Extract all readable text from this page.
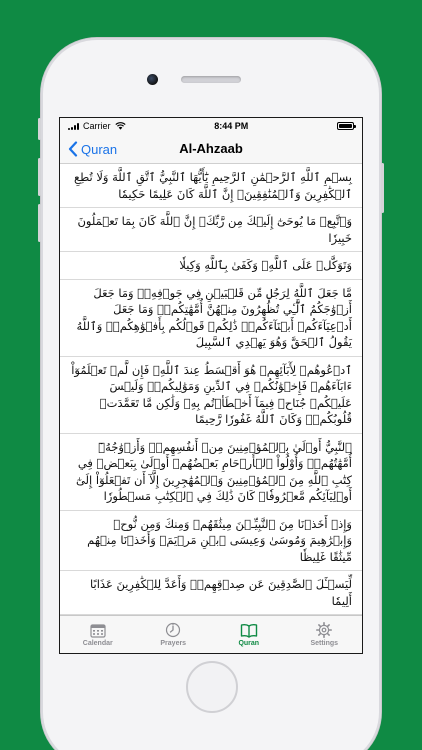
Carrier	8:44 PM
Quran	Al-Ahzaab
بِسۡمِ ٱللَّهِ ٱلرَّحۡمَٰنِ ٱلرَّحِيمِ يَٰٓأَيُّهَا ٱلنَّبِيُّ ٱتَّقِ ٱللَّهَ وَلَا تُطِعِ ٱلۡكَٰفِرِينَ وَٱلۡمُنَٰفِقِينَۚ إِنَّ ٱللَّهَ كَانَ عَلِيمًا حَكِيمٗا
وَٱتَّبِعۡ مَا يُوحَىٰٓ إِلَيۡكَ مِن رَّبِّكَۚ إِنَّ ٱللَّهَ كَانَ بِمَا تَعۡمَلُونَ خَبِيرٗا
وَتَوَكَّلۡ عَلَى ٱللَّهِۚ وَكَفَىٰ بِٱللَّهِ وَكِيلٗا
مَّا جَعَلَ ٱللَّهُ لِرَجُلٖ مِّن قَلۡبَيۡنِ فِي جَوۡفِهِۦۚ وَمَا جَعَلَ أَزۡوَٰجَكُمُ ٱلَّٰٓـِٔي تُظَٰهِرُونَ مِنۡهُنَّ أُمَّهَٰتِكُمۡۚ وَمَا جَعَلَ أَدۡعِيَآءَكُمۡ أَبۡنَآءَكُمۡۚ ذَٰلِكُمۡ قَوۡلُكُم بِأَفۡوَٰهِكُمۡۖ وَٱللَّهُ يَقُولُ ٱلۡحَقَّ وَهُوَ يَهۡدِي ٱلسَّبِيلَ
ٱدۡعُوهُمۡ لِأٓبَآئِهِمۡ هُوَ أَقۡسَطُ عِندَ ٱللَّهِۚ فَإِن لَّمۡ تَعۡلَمُوٓاْ ءَابَآءَهُمۡ فَإِخۡوَٰنُكُمۡ فِي ٱلدِّينِ وَمَوَٰلِيكُمۡۚ وَلَيۡسَ عَلَيۡكُمۡ جُنَاحٞ فِيمَآ أَخۡطَأۡتُم بِهِۦ وَلَٰكِن مَّا تَعَمَّدَتۡ قُلُوبُكُمۡۚ وَكَانَ ٱللَّهُ غَفُورٗا رَّحِيمًا
ٱلنَّبِيُّ أَوۡلَىٰ بِٱلۡمُؤۡمِنِينَ مِنۡ أَنفُسِهِمۡۖ وَأَزۡوَٰجُهُۥٓ أُمَّهَٰتُهُمۡۗ وَأُوْلُواْ ٱلۡأَرۡحَامِ بَعۡضُهُمۡ أَوۡلَىٰ بِبَعۡضٖ فِي كِتَٰبِ ٱللَّهِ مِنَ ٱلۡمُؤۡمِنِينَ وَٱلۡمُهَٰجِرِينَ إِلَّآ أَن تَفۡعَلُوٓاْ إِلَىٰٓ أَوۡلِيَآئِكُم مَّعۡرُوفٗاۚ كَانَ ذَٰلِكَ فِي ٱلۡكِتَٰبِ مَسۡطُورٗا
وَإِذۡ أَخَذۡنَا مِنَ ٱلنَّبِيِّـۧنَ مِيثَٰقَهُمۡ وَمِنكَ وَمِن نُّوحٖ وَإِبۡرَٰهِيمَ وَمُوسَىٰ وَعِيسَى ٱبۡنِ مَرۡيَمَۖ وَأَخَذۡنَا مِنۡهُم مِّيثَٰقًا غَلِيظٗا
لِّيَسۡـَٔلَ ٱلصَّٰدِقِينَ عَن صِدۡقِهِمۡۚ وَأَعَدَّ لِلۡكَٰفِرِينَ عَذَابًا أَلِيمٗا
Calendar	Prayers	Quran	Settings
